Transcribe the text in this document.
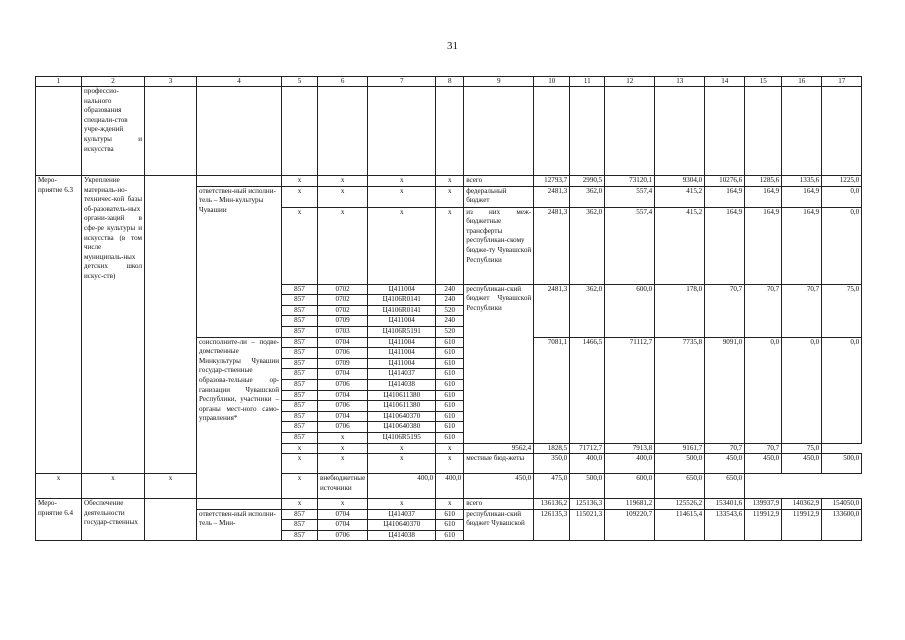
31
1	2	3	4	5	6	7	8	9	10	11	12	13	14	15	16	17
	профессио-нального образования специали-стов учре-ждений культуры и искусства															
Меро-приятие 6.3	Укрепление материаль-но-техничес-кой базы об-разователь-ных органи-заций в сфе-ре культуры и искусства (в том числе муниципаль-ных детских школ искус-ств)			x	x	x	x	всего	12793,7	2990,5	73120,1	9304,0	10276,6	1285,6	1335,6	1225,0
			ответствен-ный исполни-тель – Мин-культуры Чувашии	x	x	x	x	федеральный бюджет	2481,3	362,0	557,4	415,2	164,9	164,9	164,9	0,0
				x	x	x	x	из них меж-бюджетные трансферты республикан-скому бюдже-ту Чувашской Республики	2481,3	362,0	557,4	415,2	164,9	164,9	164,9	0,0
				857	0702	Ц411004	240	республикан-ский бюджет Чувашской Республики	2481,3	362,0	600,0	178,0	70,7	70,7	70,7	75,0
				857	0702	Ц4106R0141	240									
				857	0702	Ц4106R0141	520									
				857	0709	Ц411004	240									
				857	0703	Ц4106R5191	520									
			соисполните-ли – подве-домственные Минкультуры Чувашии государ-ственные образова-тельные ор-ганизации Чувашской Республики, участники – органы мест-ного само-управления*	857	0704	Ц411004	610		7081,1	1466,5	71112,7	7735,8	9091,0	0,0	0,0	0,0
				857	0706	Ц411004	610									
				857	0709	Ц411004	610									
				857	0704	Ц414037	610									
				857	0706	Ц414038	610									
				857	0704	Ц410611380	610									
				857	0706	Ц410611380	610									
				857	0704	Ц410640370	610									
				857	0706	Ц410640380	610									
				857	x	Ц4106R5195	610									
				x	x	x	x	9562,4	1828,5	71712,7	7913,8	9161,7	70,7	70,7	75,0	
				x	x	x	x	местные бюд-жеты	350,0	400,0	400,0	500,0	450,0	450,0	450,0	500,0
x	x	x		x	внебюджетные источники	400,0	400,0	450,0	475,0	500,0	600,0	650,0	650,0			
Меро-приятие 6.4	Обеспечение деятельности государ-ственных			x	x	x	x	всего	136136,2	125136,3	119681,2	125526,2	153401,6	139937,9	140362,9	154050,0
			ответствен-ный исполни-тель – Мин-	857	0704	Ц414037	610	республикан-ский бюджет Чувашской	126135,3	115021,3	109220,7	114615,4	133543,6	119912,9	119912,9	133600,0
				857	0704	Ц410640370	610									
				857	0706	Ц414038	610									
